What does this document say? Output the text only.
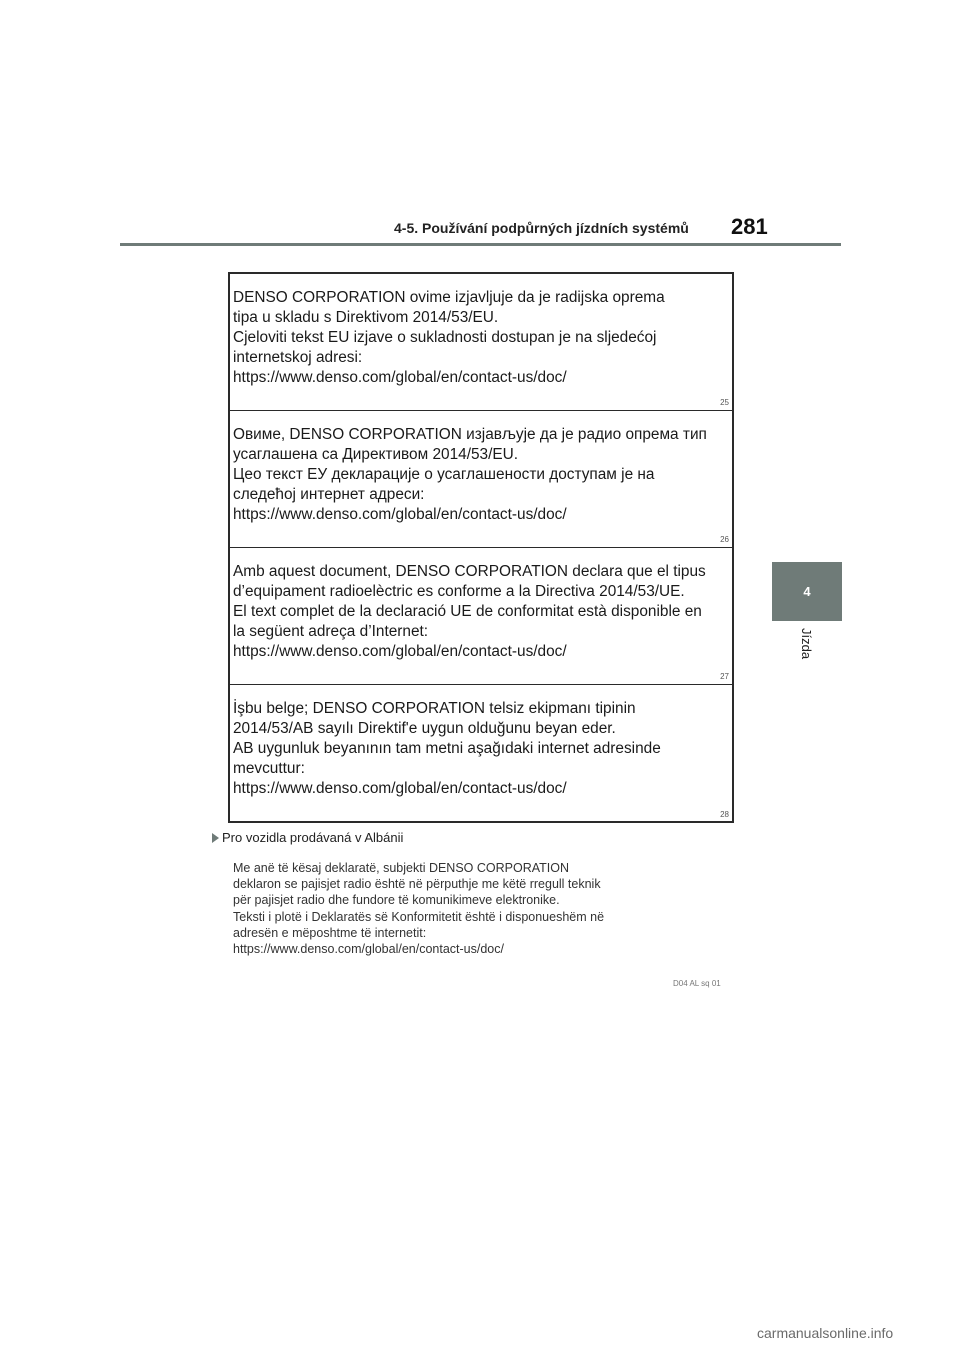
4-5. Používání podpůrných jízdních systémů 281
4
Jízda
DENSO CORPORATION ovime izjavljuje da je radijska oprema
tipa u skladu s Direktivom 2014/53/EU.
Cjeloviti tekst EU izjave o sukladnosti dostupan je na sljedećoj
internetskoj adresi:
https://www.denso.com/global/en/contact-us/doc/
25
Овиме, DENSO CORPORATION изјављује да је радио опрема тип
усаглашена са Директивом 2014/53/EU.
Цео текст ЕУ декларације о усаглашености доступам је на
следећој интернет адреси:
https://www.denso.com/global/en/contact-us/doc/
26
Amb aquest document, DENSO CORPORATION declara que el tipus
d’equipament radioelèctric es conforme a la Directiva 2014/53/UE.
El text complet de la declaració UE de conformitat està disponible en
la següent adreça d’Internet:
https://www.denso.com/global/en/contact-us/doc/
27
İşbu belge; DENSO CORPORATION telsiz ekipmanı tipinin
2014/53/AB sayılı Direktif'e uygun olduğunu beyan eder.
AB uygunluk beyanının tam metni aşağıdaki internet adresinde
mevcuttur:
https://www.denso.com/global/en/contact-us/doc/
28
Pro vozidla prodávaná v Albánii
Me anë të kësaj deklaratë, subjekti DENSO CORPORATION
deklaron se pajisjet radio është në përputhje me këtë rregull teknik
për pajisjet radio dhe fundore të komunikimeve elektronike.
Teksti i plotë i Deklaratës së Konformitetit është i disponueshëm në
adresën e mëposhtme të internetit:
https://www.denso.com/global/en/contact-us/doc/
D04 AL sq 01
carmanualsonline.info
